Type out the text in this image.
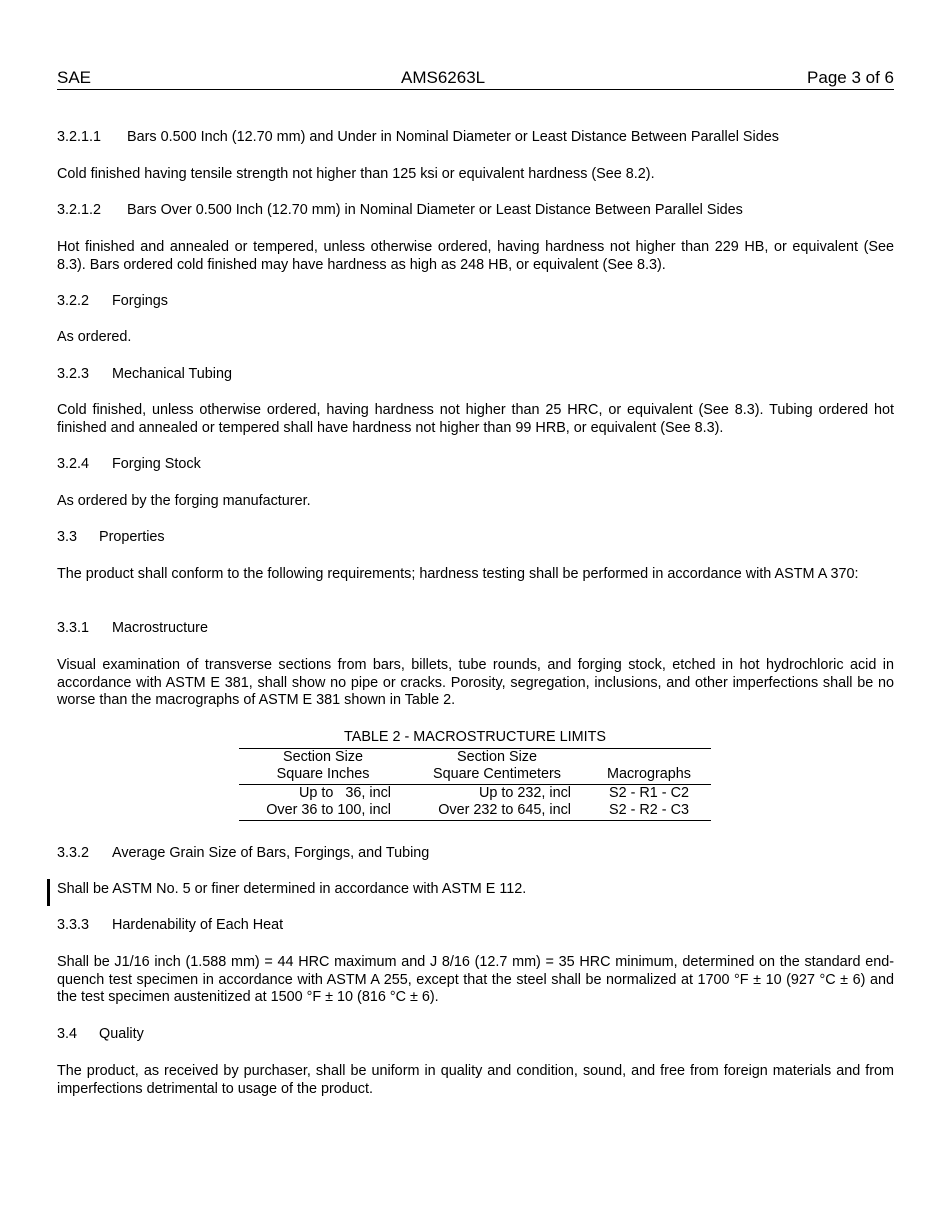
SAE	AMS6263L	Page 3 of 6
3.2.1.1 Bars 0.500 Inch (12.70 mm) and Under in Nominal Diameter or Least Distance Between Parallel Sides
Cold finished having tensile strength not higher than 125 ksi or equivalent hardness (See 8.2).
3.2.1.2 Bars Over 0.500 Inch (12.70 mm) in Nominal Diameter or Least Distance Between Parallel Sides
Hot finished and annealed or tempered, unless otherwise ordered, having hardness not higher than 229 HB, or equivalent (See 8.3). Bars ordered cold finished may have hardness as high as 248 HB, or equivalent (See 8.3).
3.2.2 Forgings
As ordered.
3.2.3 Mechanical Tubing
Cold finished, unless otherwise ordered, having hardness not higher than 25 HRC, or equivalent (See 8.3). Tubing ordered hot finished and annealed or tempered shall have hardness not higher than 99 HRB, or equivalent (See 8.3).
3.2.4 Forging Stock
As ordered by the forging manufacturer.
3.3 Properties
The product shall conform to the following requirements; hardness testing shall be performed in accordance with ASTM A 370:
3.3.1 Macrostructure
Visual examination of transverse sections from bars, billets, tube rounds, and forging stock, etched in hot hydrochloric acid in accordance with ASTM E 381, shall show no pipe or cracks. Porosity, segregation, inclusions, and other imperfections shall be no worse than the macrographs of ASTM E 381 shown in Table 2.
TABLE 2 - MACROSTRUCTURE LIMITS
Section Size	Section Size	
Square Inches	Square Centimeters	Macrographs
Up to   36, incl	Up to 232, incl	S2 - R1 - C2
Over 36 to 100, incl	Over 232 to 645, incl	S2 - R2 - C3
3.3.2 Average Grain Size of Bars, Forgings, and Tubing
Shall be ASTM No. 5 or finer determined in accordance with ASTM E 112.
3.3.3 Hardenability of Each Heat
Shall be J1/16 inch (1.588 mm) = 44 HRC maximum and J 8/16 (12.7 mm) = 35 HRC minimum, determined on the standard end-quench test specimen in accordance with ASTM A 255, except that the steel shall be normalized at 1700 °F ± 10 (927 °C ± 6) and the test specimen austenitized at 1500 °F ± 10 (816 °C ± 6).
3.4 Quality
The product, as received by purchaser, shall be uniform in quality and condition, sound, and free from foreign materials and from imperfections detrimental to usage of the product.
